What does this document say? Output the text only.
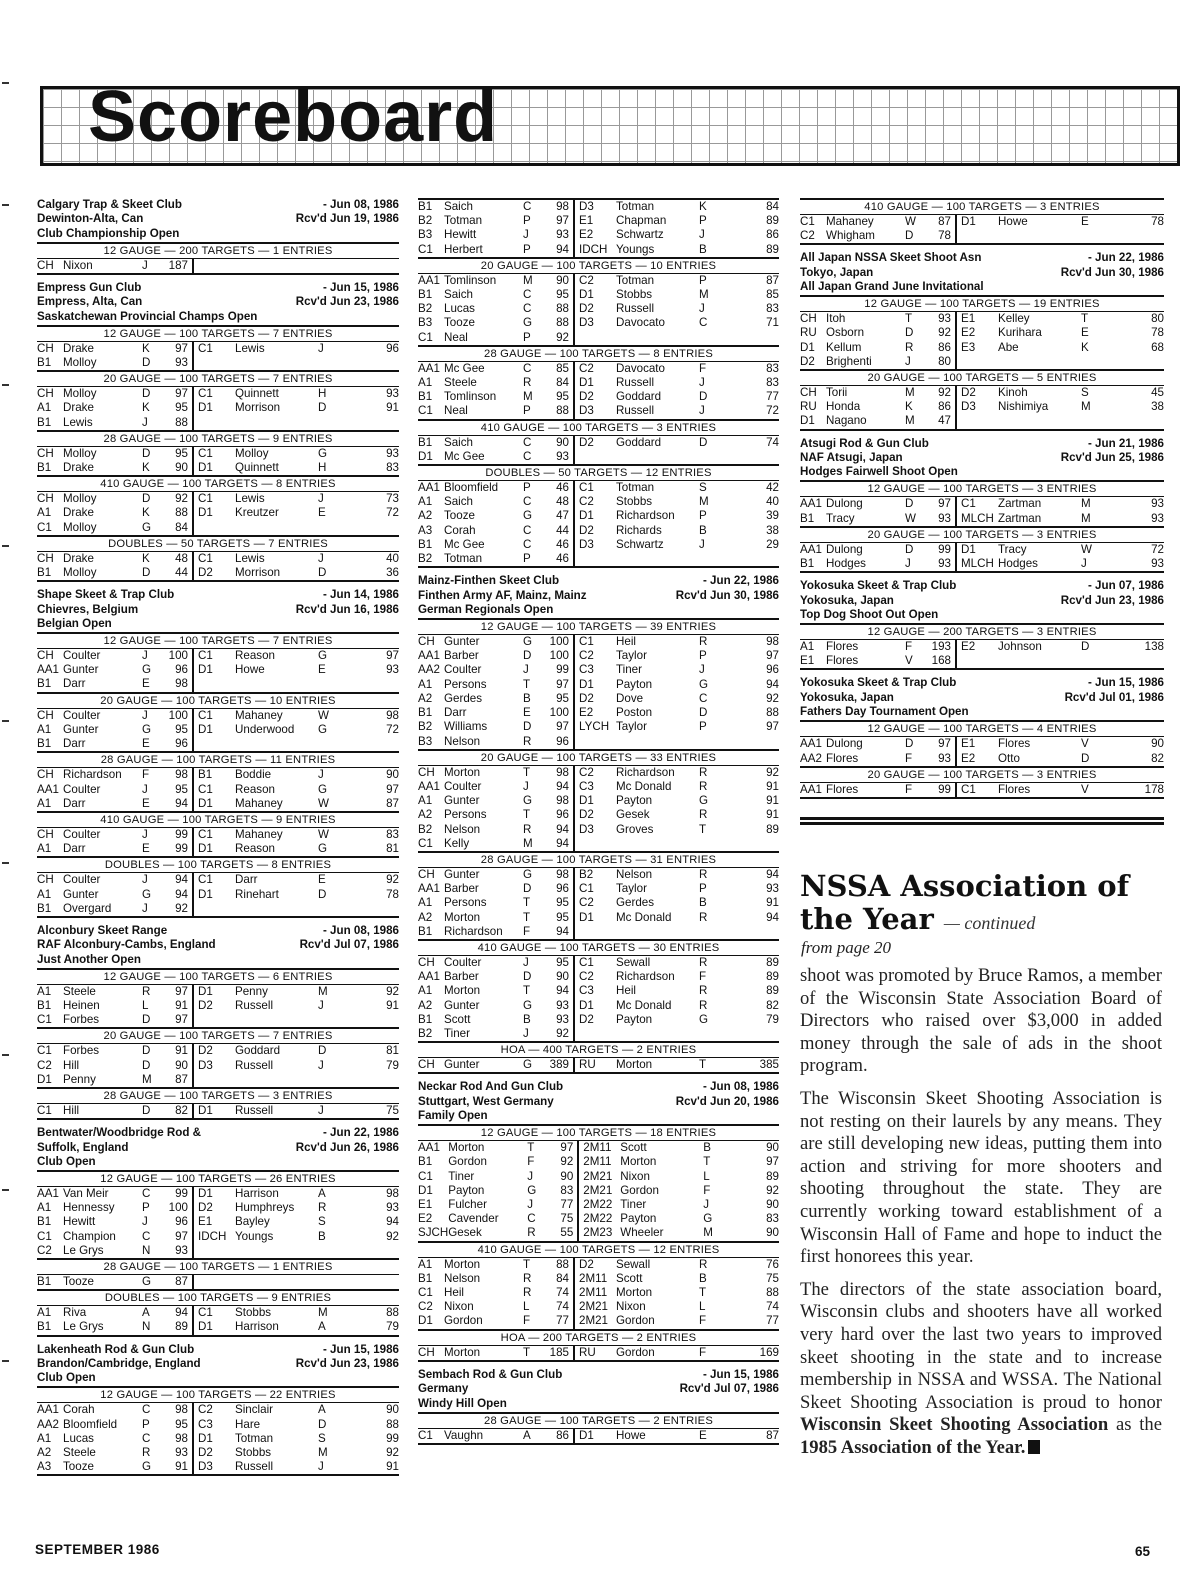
Scoreboard
Calgary Trap & Skeet Club	- Jun 08, 1986
Dewinton-Alta, Can	Rcv'd Jun 19, 1986
Club Championship Open
12 GAUGE — 200 TARGETS — 1 ENTRIES
CH	Nixon	J	187				
Empress Gun Club	- Jun 15, 1986
Empress, Alta, Can	Rcv'd Jun 23, 1986
Saskatchewan Provincial Champs Open
12 GAUGE — 100 TARGETS — 7 ENTRIES
CH	Drake	K	97	C1	Lewis	J	96
B1	Molloy	D	93				
20 GAUGE — 100 TARGETS — 7 ENTRIES
CH	Molloy	D	97	C1	Quinnett	H	93
A1	Drake	K	95	D1	Morrison	D	91
B1	Lewis	J	88				
28 GAUGE — 100 TARGETS — 9 ENTRIES
CH	Molloy	D	95	C1	Molloy	G	93
B1	Drake	K	90	D1	Quinnett	H	83
410 GAUGE — 100 TARGETS — 8 ENTRIES
CH	Molloy	D	92	C1	Lewis	J	73
A1	Drake	K	88	D1	Kreutzer	E	72
C1	Molloy	G	84				
DOUBLES — 50 TARGETS — 7 ENTRIES
CH	Drake	K	48	C1	Lewis	J	40
B1	Molloy	D	44	D2	Morrison	D	36
Shape Skeet & Trap Club	- Jun 14, 1986
Chievres, Belgium	Rcv'd Jun 16, 1986
Belgian Open
12 GAUGE — 100 TARGETS — 7 ENTRIES
CH	Coulter	J	100	C1	Reason	G	97
AA1	Gunter	G	96	D1	Howe	E	93
B1	Darr	E	98				
20 GAUGE — 100 TARGETS — 10 ENTRIES
CH	Coulter	J	100	C1	Mahaney	W	98
A1	Gunter	G	95	D1	Underwood	G	72
B1	Darr	E	96				
28 GAUGE — 100 TARGETS — 11 ENTRIES
CH	Richardson	F	98	B1	Boddie	J	90
AA1	Coulter	J	95	C1	Reason	G	97
A1	Darr	E	94	D1	Mahaney	W	87
410 GAUGE — 100 TARGETS — 9 ENTRIES
CH	Coulter	J	99	C1	Mahaney	W	83
A1	Darr	E	99	D1	Reason	G	81
DOUBLES — 100 TARGETS — 8 ENTRIES
CH	Coulter	J	94	C1	Darr	E	92
A1	Gunter	G	94	D1	Rinehart	D	78
B1	Overgard	J	92				
Alconbury Skeet Range	- Jun 08, 1986
RAF Alconbury-Cambs, England	Rcv'd Jul 07, 1986
Just Another Open
12 GAUGE — 100 TARGETS — 6 ENTRIES
A1	Steele	R	97	D1	Penny	M	92
B1	Heinen	L	91	D2	Russell	J	91
C1	Forbes	D	97				
20 GAUGE — 100 TARGETS — 7 ENTRIES
C1	Forbes	D	91	D2	Goddard	D	81
C2	Hill	D	90	D3	Russell	J	79
D1	Penny	M	87				
28 GAUGE — 100 TARGETS — 3 ENTRIES
C1	Hill	D	82	D1	Russell	J	75
Bentwater/Woodbridge Rod &	- Jun 22, 1986
Suffolk, England	Rcv'd Jun 26, 1986
Club Open
12 GAUGE — 100 TARGETS — 26 ENTRIES
AA1	Van Meir	C	99	D1	Harrison	A	98
A1	Hennessy	P	100	D2	Humphreys	R	93
B1	Hewitt	J	96	E1	Bayley	S	94
C1	Champion	C	97	IDCH	Youngs	B	92
C2	Le Grys	N	93				
28 GAUGE — 100 TARGETS — 1 ENTRIES
B1	Tooze	G	87				
DOUBLES — 100 TARGETS — 9 ENTRIES
A1	Riva	A	94	C1	Stobbs	M	88
B1	Le Grys	N	89	D1	Harrison	A	79
Lakenheath Rod & Gun Club	- Jun 15, 1986
Brandon/Cambridge, England	Rcv'd Jun 23, 1986
Club Open
12 GAUGE — 100 TARGETS — 22 ENTRIES
AA1	Corah	C	98	C2	Sinclair	A	90
AA2	Bloomfield	P	95	C3	Hare	D	88
A1	Lucas	C	98	D1	Totman	S	99
A2	Steele	R	93	D2	Stobbs	M	92
A3	Tooze	G	91	D3	Russell	J	91
B1	Saich	C	98	D3	Totman	K	84
B2	Totman	P	97	E1	Chapman	P	89
B3	Hewitt	J	93	E2	Schwartz	J	86
C1	Herbert	P	94	IDCH	Youngs	B	89
20 GAUGE — 100 TARGETS — 10 ENTRIES
AA1	Tomlinson	M	90	C2	Totman	P	87
B1	Saich	C	95	D1	Stobbs	M	85
B2	Lucas	C	88	D2	Russell	J	83
B3	Tooze	G	88	D3	Davocato	C	71
C1	Neal	P	92				
28 GAUGE — 100 TARGETS — 8 ENTRIES
AA1	Mc Gee	C	85	C2	Davocato	F	83
A1	Steele	R	84	D1	Russell	J	83
B1	Tomlinson	M	95	D2	Goddard	D	77
C1	Neal	P	88	D3	Russell	J	72
410 GAUGE — 100 TARGETS — 3 ENTRIES
B1	Saich	C	90	D2	Goddard	D	74
D1	Mc Gee	C	93				
DOUBLES — 50 TARGETS — 12 ENTRIES
AA1	Bloomfield	P	46	C1	Totman	S	42
A1	Saich	C	48	C2	Stobbs	M	40
A2	Tooze	G	47	D1	Richardson	P	39
A3	Corah	C	44	D2	Richards	B	38
B1	Mc Gee	C	46	D3	Schwartz	J	29
B2	Totman	P	46				
Mainz-Finthen Skeet Club	- Jun 22, 1986
Finthen Army AF, Mainz, Mainz	Rcv'd Jun 30, 1986
German Regionals Open
12 GAUGE — 100 TARGETS — 39 ENTRIES
CH	Gunter	G	100	C1	Heil	R	98
AA1	Barber	D	100	C2	Taylor	P	97
AA2	Coulter	J	99	C3	Tiner	J	96
A1	Persons	T	97	D1	Payton	G	94
A2	Gerdes	B	95	D2	Dove	C	92
B1	Darr	E	100	E2	Poston	D	88
B2	Williams	D	97	LYCH	Taylor	P	97
B3	Nelson	R	96				
20 GAUGE — 100 TARGETS — 33 ENTRIES
CH	Morton	T	98	C2	Richardson	R	92
AA1	Coulter	J	94	C3	Mc Donald	R	91
A1	Gunter	G	98	D1	Payton	G	91
A2	Persons	T	96	D2	Gesek	R	91
B2	Nelson	R	94	D3	Groves	T	89
C1	Kelly	M	94				
28 GAUGE — 100 TARGETS — 31 ENTRIES
CH	Gunter	G	98	B2	Nelson	R	94
AA1	Barber	D	96	C1	Taylor	P	93
A1	Persons	T	95	C2	Gerdes	B	91
A2	Morton	T	95	D1	Mc Donald	R	94
B1	Richardson	F	94				
410 GAUGE — 100 TARGETS — 30 ENTRIES
CH	Coulter	J	95	C1	Sewall	R	89
AA1	Barber	D	90	C2	Richardson	F	89
A1	Morton	T	94	C3	Heil	R	89
A2	Gunter	G	93	D1	Mc Donald	R	82
B1	Scott	B	93	D2	Payton	G	79
B2	Tiner	J	92				
HOA — 400 TARGETS — 2 ENTRIES
CH	Gunter	G	389	RU	Morton	T	385
Neckar Rod And Gun Club	- Jun 08, 1986
Stuttgart, West Germany	Rcv'd Jun 20, 1986
Family Open
12 GAUGE — 100 TARGETS — 18 ENTRIES
AA1	Morton	T	97	2M11	Scott	B	90
B1	Gordon	F	92	2M11	Morton	T	97
C1	Tiner	J	90	2M21	Nixon	L	89
D1	Payton	G	83	2M21	Gordon	F	92
E1	Fulcher	J	77	2M22	Tiner	J	90
E2	Cavender	C	75	2M22	Payton	G	83
SJCH	Gesek	R	55	2M23	Wheeler	M	90
410 GAUGE — 100 TARGETS — 12 ENTRIES
A1	Morton	T	88	D2	Sewall	R	76
B1	Nelson	R	84	2M11	Scott	B	75
C1	Heil	R	74	2M11	Morton	T	88
C2	Nixon	L	74	2M21	Nixon	L	74
D1	Gordon	F	77	2M21	Gordon	F	77
HOA — 200 TARGETS — 2 ENTRIES
CH	Morton	T	185	RU	Gordon	F	169
Sembach Rod & Gun Club	- Jun 15, 1986
Germany	Rcv'd Jul 07, 1986
Windy Hill Open
28 GAUGE — 100 TARGETS — 2 ENTRIES
C1	Vaughn	A	86	D1	Howe	E	87
410 GAUGE — 100 TARGETS — 3 ENTRIES
C1	Mahaney	W	87	D1	Howe	E	78
C2	Whigham	D	78				
All Japan NSSA Skeet Shoot Asn	- Jun 22, 1986
Tokyo, Japan	Rcv'd Jun 30, 1986
All Japan Grand June Invitational
12 GAUGE — 100 TARGETS — 19 ENTRIES
CH	Itoh	T	93	E1	Kelley	T	80
RU	Osborn	D	92	E2	Kurihara	E	78
D1	Kellum	R	86	E3	Abe	K	68
D2	Brighenti	J	80				
20 GAUGE — 100 TARGETS — 5 ENTRIES
CH	Torii	M	92	D2	Kinoh	S	45
RU	Honda	K	86	D3	Nishimiya	M	38
D1	Nagano	M	47				
Atsugi Rod & Gun Club	- Jun 21, 1986
NAF Atsugi, Japan	Rcv'd Jun 25, 1986
Hodges Fairwell Shoot Open
12 GAUGE — 100 TARGETS — 3 ENTRIES
AA1	Dulong	D	97	C1	Zartman	M	93
B1	Tracy	W	93	MLCH	Zartman	M	93
20 GAUGE — 100 TARGETS — 3 ENTRIES
AA1	Dulong	D	99	D1	Tracy	W	72
B1	Hodges	J	93	MLCH	Hodges	J	93
Yokosuka Skeet & Trap Club	- Jun 07, 1986
Yokosuka, Japan	Rcv'd Jun 23, 1986
Top Dog Shoot Out Open
12 GAUGE — 200 TARGETS — 3 ENTRIES
A1	Flores	F	193	E2	Johnson	D	138
E1	Flores	V	168				
Yokosuka Skeet & Trap Club	- Jun 15, 1986
Yokosuka, Japan	Rcv'd Jul 01, 1986
Fathers Day Tournament Open
12 GAUGE — 100 TARGETS — 4 ENTRIES
AA1	Dulong	D	97	E1	Flores	V	90
AA2	Flores	F	93	E2	Otto	D	82
20 GAUGE — 100 TARGETS — 3 ENTRIES
AA1	Flores	F	99	C1	Flores	V	178
NSSA Association of the Year — continued
from page 20

shoot was promoted by Bruce Ramos, a member of the Wisconsin State Association Board of Directors who raised over $3,000 in added money through the sale of ads in the shoot program.

The Wisconsin Skeet Shooting Association is not resting on their laurels by any means. They are still developing new ideas, putting them into action and striving for more shooters and shooting throughout the state. They are currently working toward establishment of a Wisconsin Hall of Fame and hope to induct the first honorees this year.

The directors of the state association board, Wisconsin clubs and shooters have all worked very hard over the last two years to improved skeet shooting in the state and to increase membership in NSSA and WSSA. The National Skeet Shooting Association is proud to honor Wisconsin Skeet Shooting Association as the 1985 Association of the Year.

SEPTEMBER 1986	65
